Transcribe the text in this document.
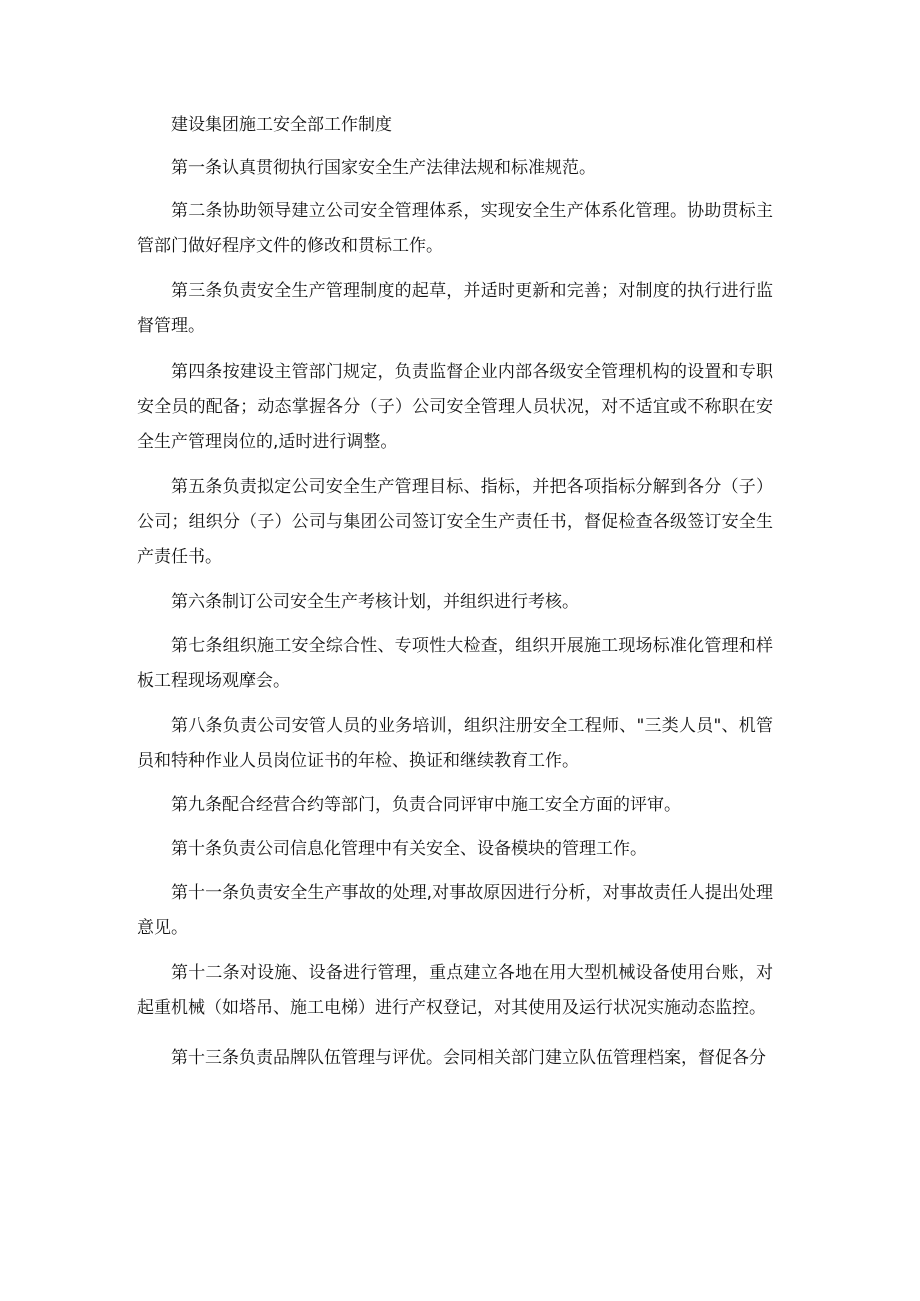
建设集团施工安全部工作制度

第一条认真贯彻执行国家安全生产法律法规和标准规范。

第二条协助领导建立公司安全管理体系，实现安全生产体系化管理。协助贯标主管部门做好程序文件的修改和贯标工作。

第三条负责安全生产管理制度的起草，并适时更新和完善；对制度的执行进行监督管理。

第四条按建设主管部门规定，负责监督企业内部各级安全管理机构的设置和专职安全员的配备；动态掌握各分（子）公司安全管理人员状况，对不适宜或不称职在安全生产管理岗位的,适时进行调整。

第五条负责拟定公司安全生产管理目标、指标，并把各项指标分解到各分（子）公司；组织分（子）公司与集团公司签订安全生产责任书，督促检查各级签订安全生产责任书。

第六条制订公司安全生产考核计划，并组织进行考核。

第七条组织施工安全综合性、专项性大检查，组织开展施工现场标准化管理和样板工程现场观摩会。

第八条负责公司安管人员的业务培训，组织注册安全工程师、"三类人员"、机管员和特种作业人员岗位证书的年检、换证和继续教育工作。

第九条配合经营合约等部门，负责合同评审中施工安全方面的评审。

第十条负责公司信息化管理中有关安全、设备模块的管理工作。

第十一条负责安全生产事故的处理,对事故原因进行分析，对事故责任人提出处理意见。

第十二条对设施、设备进行管理，重点建立各地在用大型机械设备使用台账，对起重机械（如塔吊、施工电梯）进行产权登记，对其使用及运行状况实施动态监控。

第十三条负责品牌队伍管理与评优。会同相关部门建立队伍管理档案，督促各分
